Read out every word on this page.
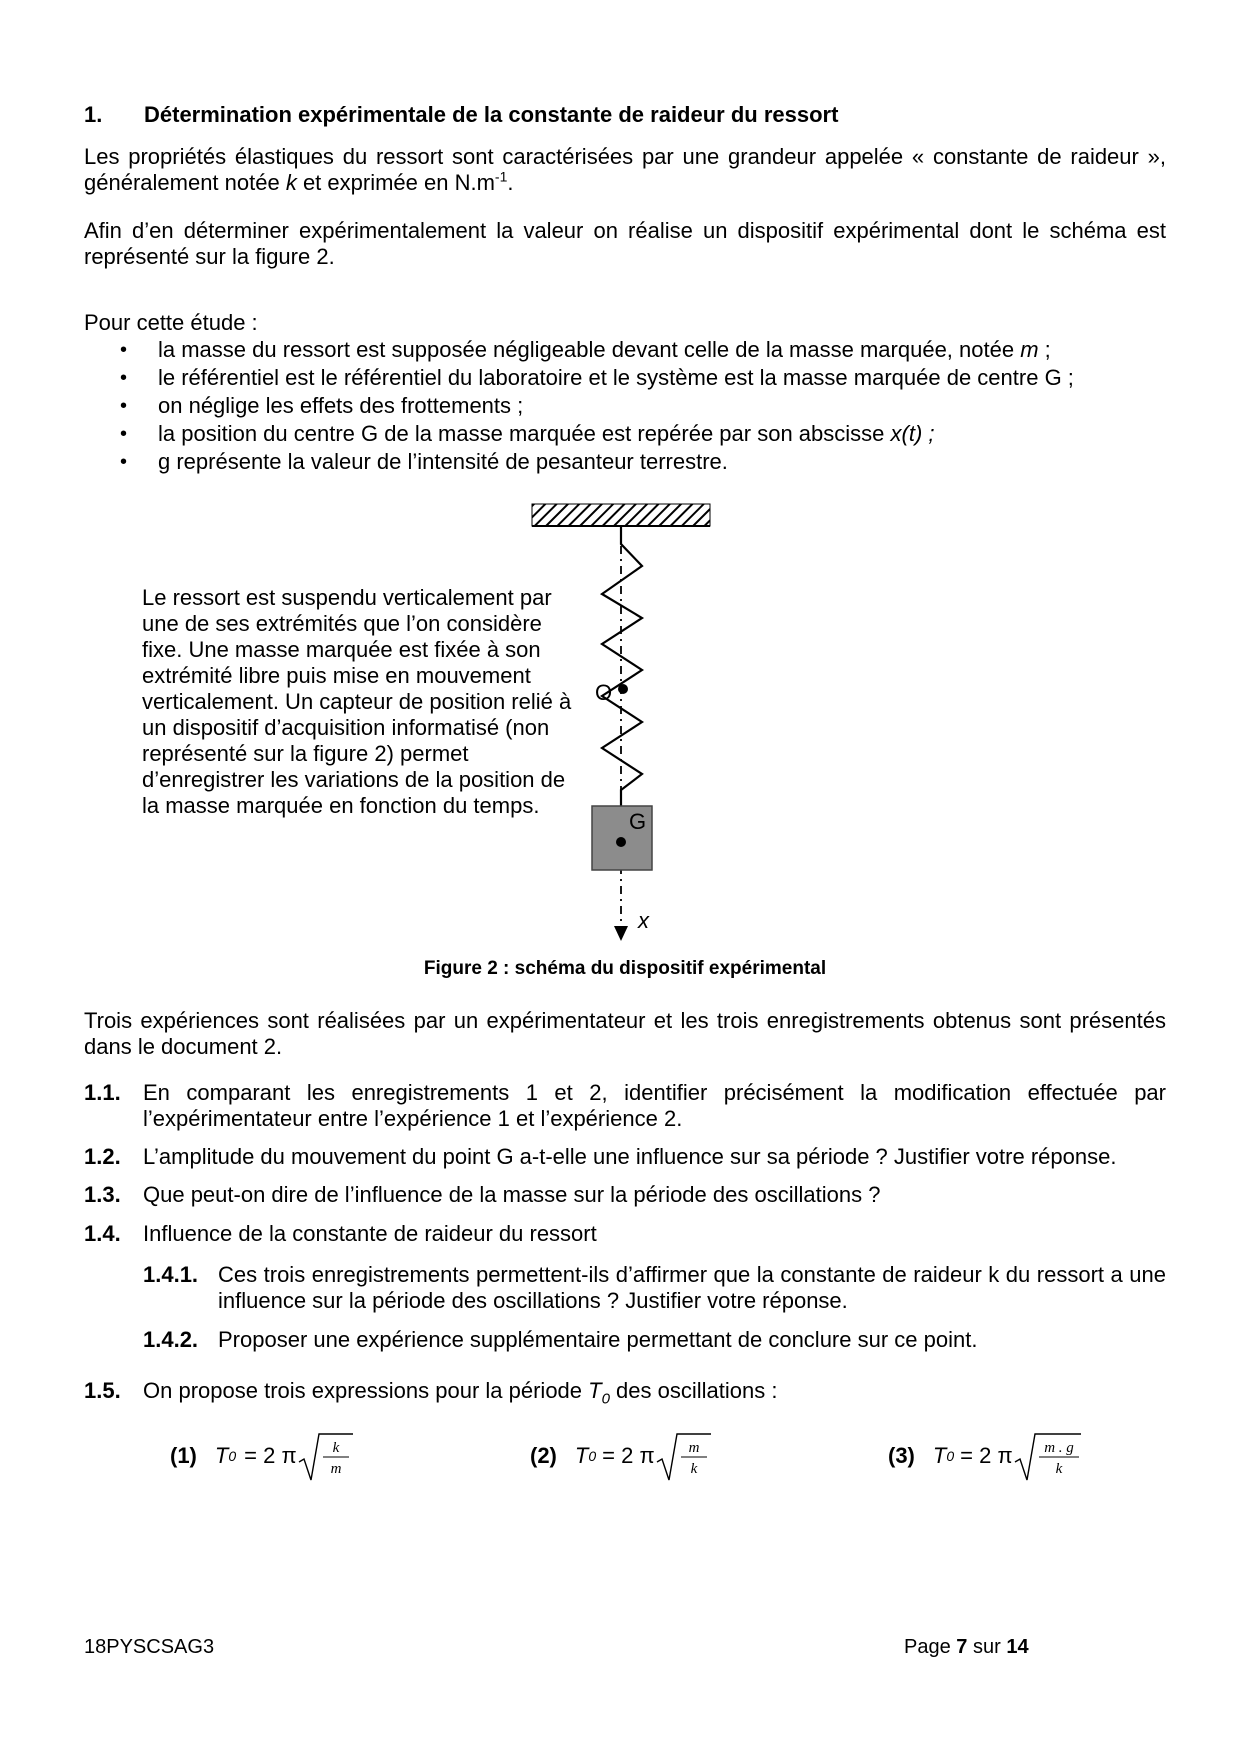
1. Détermination expérimentale de la constante de raideur du ressort
Les propriétés élastiques du ressort sont caractérisées par une grandeur appelée « constante de raideur », généralement notée k et exprimée en $N.m^{-1}$.
Afin d’en déterminer expérimentalement la valeur on réalise un dispositif expérimental dont le schéma est représenté sur la figure 2.
Pour cette étude :
• la masse du ressort est supposée négligeable devant celle de la masse marquée, notée m ;
• le référentiel est le référentiel du laboratoire et le système est la masse marquée de centre G ;
• on néglige les effets des frottements ;
• la position du centre G de la masse marquée est repérée par son abscisse x(t) ;
• g représente la valeur de l’intensité de pesanteur terrestre.
Le ressort est suspendu verticalement par une de ses extrémités que l’on considère fixe. Une masse marquée est fixée à son extrémité libre puis mise en mouvement verticalement. Un capteur de position relié à un dispositif d’acquisition informatisé (non représenté sur la figure 2) permet d’enregistrer les variations de la position de la masse marquée en fonction du temps.
O
G
x
Figure 2 : schéma du dispositif expérimental
Trois expériences sont réalisées par un expérimentateur et les trois enregistrements obtenus sont présentés dans le document 2.
1.1. En comparant les enregistrements 1 et 2, identifier précisément la modification effectuée par l’expérimentateur entre l’expérience 1 et l’expérience 2.
1.2. L’amplitude du mouvement du point G a-t-elle une influence sur sa période ? Justifier votre réponse.
1.3. Que peut-on dire de l’influence de la masse sur la période des oscillations ?
1.4. Influence de la constante de raideur du ressort
1.4.1. Ces trois enregistrements permettent-ils d’affirmer que la constante de raideur k du ressort a une influence sur la période des oscillations ? Justifier votre réponse.
1.4.2. Proposer une expérience supplémentaire permettant de conclure sur ce point.
1.5. On propose trois expressions pour la période $T_0$ des oscillations :
(1) T 0 = 2 π k
m
(2) T 0 = 2 π m
k
(3) T 0 = 2 π m . g
k
18PYSCSAG3	Page 7 sur 14
